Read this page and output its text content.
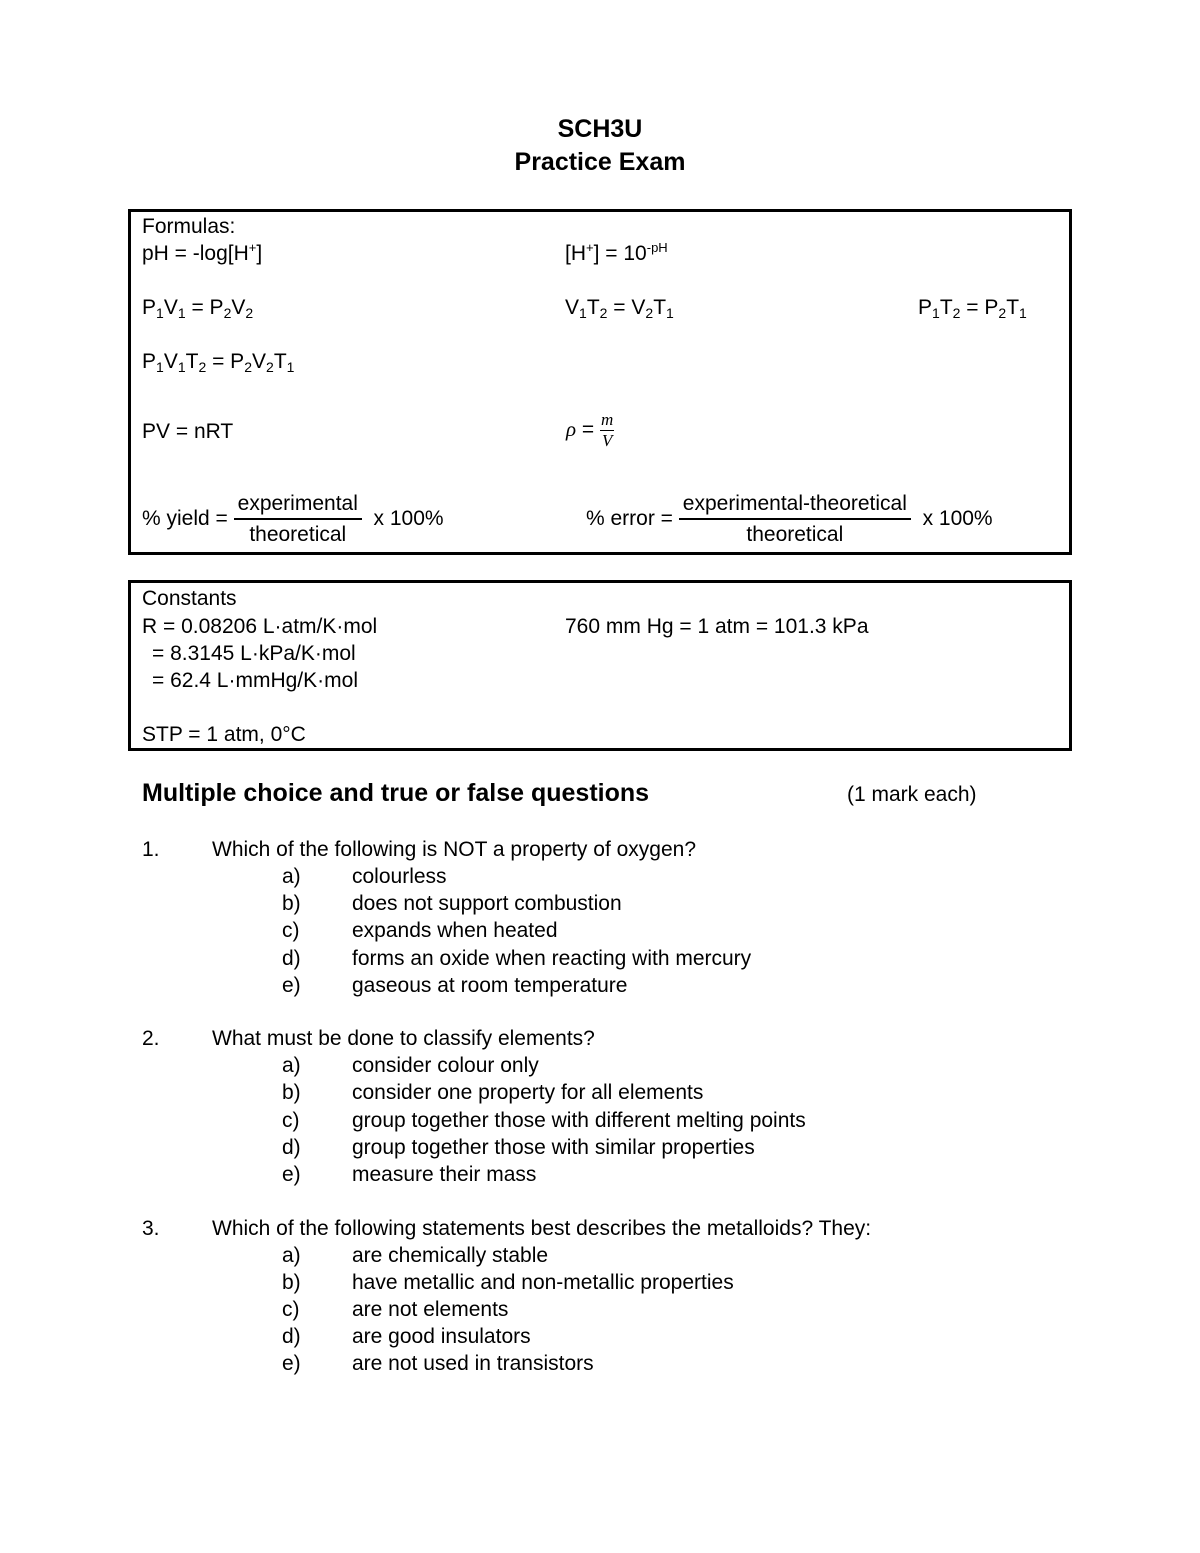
SCH3U
Practice Exam
Formulas:
pH = -log[H+]	$[H^+] = 10^{-pH}$
$P_1V_1 = P_2V_2$	$V_1T_2 = V_2T_1$	$P_1T_2 = P_2T_1$
$P_1V_1T_2 = P_2V_2T_1$
PV = nRT	$\rho = \frac{m}{V}$
% yield = $\frac{\text{experimental}}{\text{theoretical}}$ x 100%	% error = $\frac{\text{experimental-theoretical}}{\text{theoretical}}$ x 100%
Constants
R = 0.08206 L·atm/K·mol
= 8.3145 L·kPa/K·mol
= 62.4 L·mmHg/K·mol
760 mm Hg = 1 atm = 101.3 kPa
STP = 1 atm, 0°C
Multiple choice and true or false questions	(1 mark each)
1. Which of the following is NOT a property of oxygen?
a) colourless
b) does not support combustion
c)	expands when heated
d) forms an oxide when reacting with mercury
e) gaseous at room temperature
2. What must be done to classify elements?
a) consider colour only
b) consider one property for all elements
c)	group together those with different melting points
d) group together those with similar properties
e) measure their mass
3. Which of the following statements best describes the metalloids? They:
a) are chemically stable
b) have metallic and non-metallic properties
c)	are not elements
d) are good insulators
e) are not used in transistors
